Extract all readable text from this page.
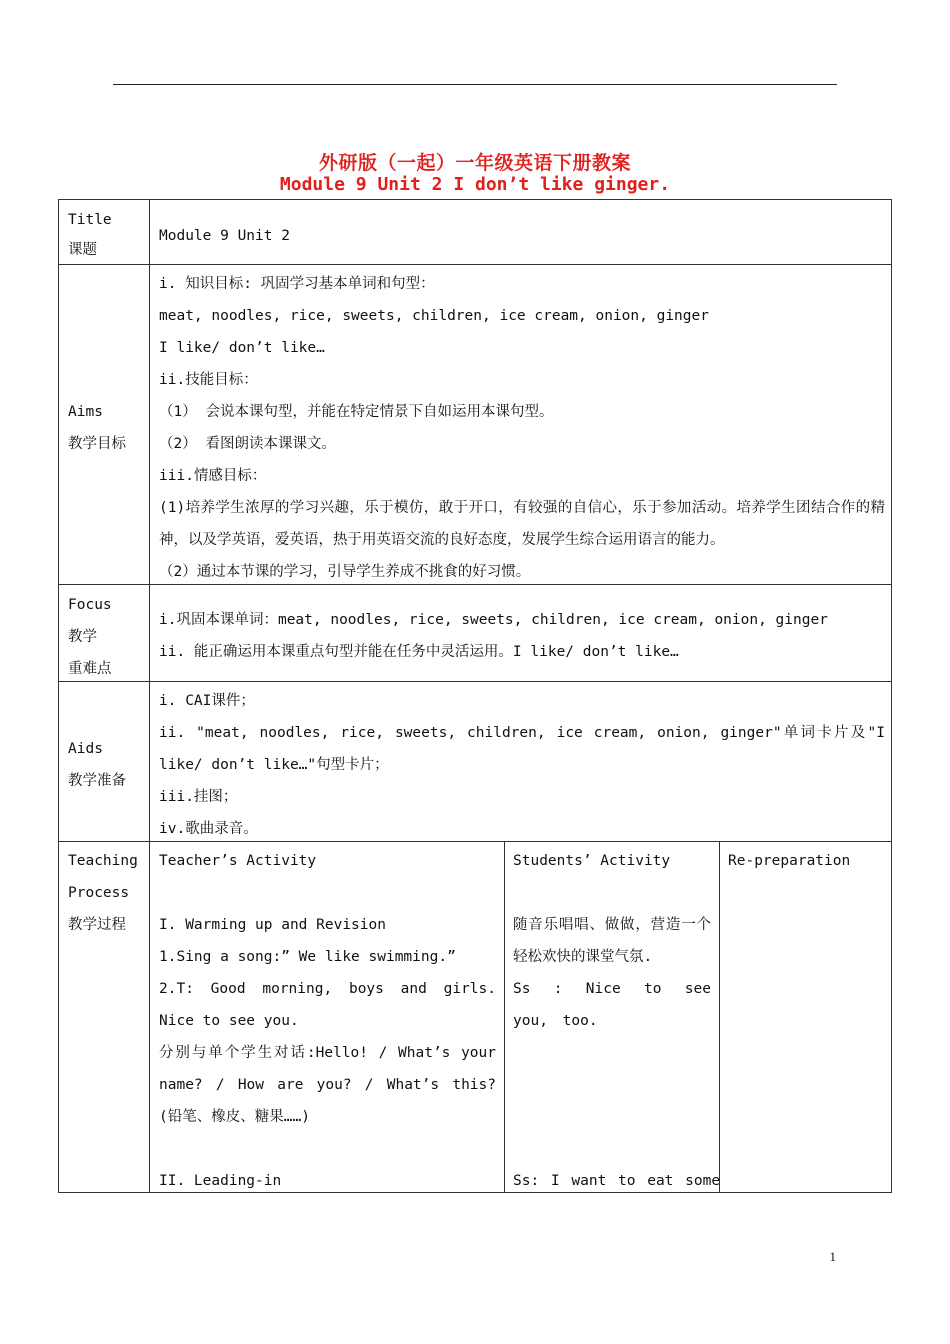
外研版（一起）一年级英语下册教案
Module 9 Unit 2 I don’t like ginger.

Title

课题

Module 9 Unit 2

Aims

教学目标

i. 知识目标: 巩固学习基本单词和句型：

meat, noodles, rice, sweets, children, ice cream, onion, ginger

I like/ don’t like…

ii.技能目标：

（1） 会说本课句型，并能在特定情景下自如运用本课句型。

（2） 看图朗读本课课文。

iii.情感目标：

(1)培养学生浓厚的学习兴趣，乐于模仿，敢于开口，有较强的自信心，乐于参加活动。培养学生团结合作的精神，以及学英语，爱英语，热于用英语交流的良好态度，发展学生综合运用语言的能力。

（2）通过本节课的学习，引导学生养成不挑食的好习惯。

Focus

教学

重难点

i.巩固本课单词：meat, noodles, rice, sweets, children, ice cream, onion, ginger

ii. 能正确运用本课重点句型并能在任务中灵活运用。I like/ don’t like…

Aids

教学准备

i. CAI课件；

ii. "meat, noodles, rice, sweets, children, ice cream, onion, ginger"单词卡片及"I like/ don’t like…"句型卡片；

iii.挂图；

iv.歌曲录音。

Teaching

Process

教学过程

Teacher’s Activity

I. Warming up and Revision

1.Sing a song:” We like swimming.”

2.T: Good morning, boys and girls. Nice to see you.

分别与单个学生对话:Hello! / What’s your name? / How are you? / What’s this? (铅笔、橡皮、糖果……)

II. Leading-in

Students’ Activity

随音乐唱唱、做做，营造一个轻松欢快的课堂气氛.

Ss : Nice to see you, too.

Ss: I want to eat some

Re-preparation

1
